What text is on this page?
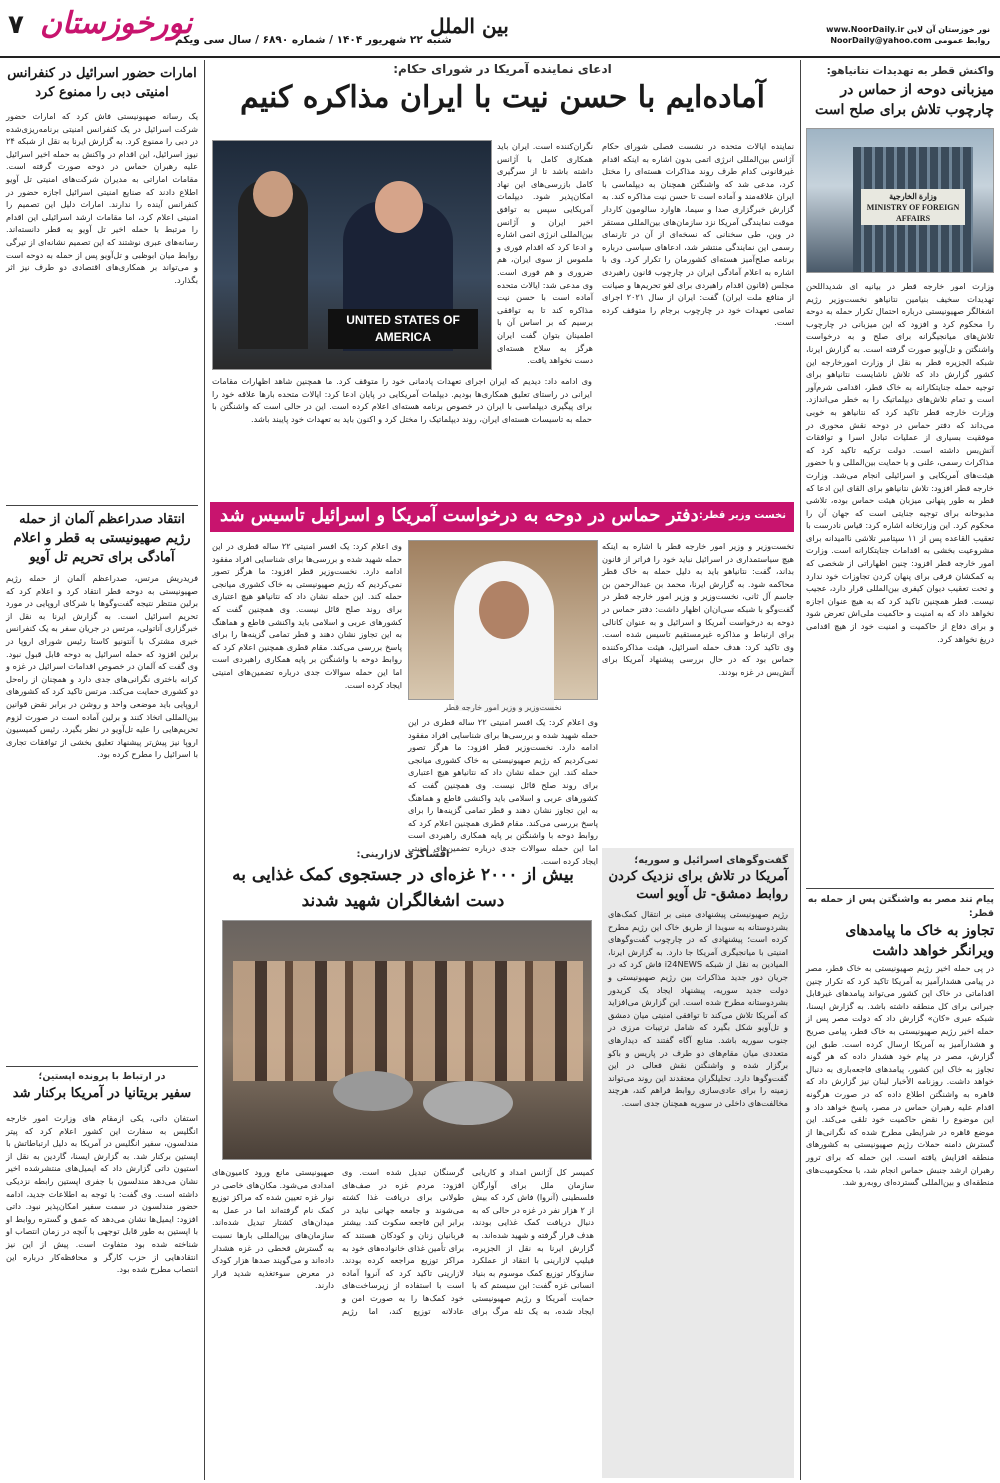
۷ نورخوزستان
شنبه ۲۲ شهریور ۱۴۰۴ / شماره ۶۸۹۰ / سال سی ویکم
بین الملل	نور خوزستان آن لاین www.NoorDaily.ir
روابط عمومی NoorDaily@yahoo.com
واکنش قطر به تهدیدات نتانیاهو:
میزبانی دوحه از حماس در چارچوب تلاش برای صلح است
وزارة الخارجية
MINISTRY OF FOREIGN AFFAIRS
وزارت امور خارجه قطر در بیانیه ای شدیداللحن تهدیدات سخیف بنیامین نتانیاهو نخست‌وزیر رژیم اشغالگر صهیونیستی درباره احتمال تکرار حمله به دوحه را محکوم کرد و افزود که این میزبانی در چارچوب تلاش‌های میانجیگرانه برای صلح و به درخواست واشنگتن و تل‌آویو صورت گرفته است. به گزارش ایرنا، شبکه الجزیره قطر به نقل از وزارت امورخارجه این کشور گزارش داد که تلاش ناشایست نتانیاهو برای توجیه حمله جنایتکارانه به خاک قطر، اقدامی شرم‌آور است و تمام تلاش‌های دیپلماتیک را به خطر می‌اندازد. وزارت خارجه قطر تاکید کرد که نتانیاهو به خوبی می‌داند که دفتر حماس در دوحه نقش محوری در موفقیت بسیاری از عملیات تبادل اسرا و توافقات آتش‌بس داشته است. دولت ترکیه تاکید کرد که مذاکرات رسمی‌، علنی و با حمایت بین‌المللی و با حضور هیئت‌های آمریکایی و اسرائیلی انجام می‌شد. وزارت خارجه قطر افزود: تلاش نتانیاهو برای القای این ادعا که قطر به طور پنهانی میزبان هیئت حماس بوده، تلاشی مذبوحانه برای توجیه جنایتی است که جهان آن را محکوم کرد. این وزارتخانه اشاره کرد: قیاس نادرست با تعقیب القاعده پس از ۱۱ سپتامبر تلاشی ناامیدانه برای مشروعیت بخشی به اقدامات جنایتکارانه است. وزارت امور خارجه قطر افزود: چنین اظهاراتی از شخصی که به کمکشان فرقی برای پنهان کردن تجاوزات خود ندارد و تحت تعقیب دیوان کیفری بین‌المللی قرار دارد، عجیب نیست. قطر همچنین تاکید کرد که به هیچ عنوان اجازه نخواهد داد که به امنیت و حاکمیت ملی‌اش تعرض شود و برای دفاع از حاکمیت و امنیت خود از هیچ اقدامی دریغ نخواهد کرد.
پیام تند مصر به واشنگتن پس از حمله به قطر:
تجاوز به خاک ما پیامدهای ویرانگر خواهد داشت
در پی حمله اخیر رژیم صهیونیستی به خاک قطر، مصر در پیامی هشدارآمیز به آمریکا تاکید کرد که تکرار چنین اقداماتی در خاک این کشور می‌تواند پیامدهای غیرقابل جبرانی برای کل منطقه داشته باشد. به گزارش ایسنا، شبکه عبری «کان» گزارش داد که دولت مصر پس از حمله اخیر رژیم صهیونیستی به خاک قطر، پیامی صریح و هشدارآمیز به آمریکا ارسال کرده است. طبق این گزارش، مصر در پیام خود هشدار داده که هر گونه تجاوز به خاک این کشور، پیامدهای فاجعه‌باری به دنبال خواهد داشت. روزنامه الأخبار لبنان نیز گزارش داد که قاهره به واشنگتن اطلاع داده که در صورت هرگونه اقدام علیه رهبران حماس در مصر، پاسخ خواهد داد و این موضوع را نقض حاکمیت خود تلقی می‌کند. این موضع قاهره در شرایطی مطرح شده که نگرانی‌ها از گسترش دامنه حملات رژیم صهیونیستی به کشورهای منطقه افزایش یافته است. این حمله که برای ترور رهبران ارشد جنبش حماس انجام شد، با محکومیت‌های منطقه‌ای و بین‌المللی گسترده‌ای روبه‌رو شد.
ادعای نماینده آمریکا در شورای حکام:
آماده‌ایم با حسن نیت با ایران مذاکره کنیم
نماینده ایالات متحده در نشست فصلی شورای حکام آژانس بین‌المللی انرژی اتمی بدون اشاره به اینکه اقدام غیرقانونی کدام طرف روند مذاکرات هسته‌ای را مختل کرد، مدعی شد که واشنگتن همچنان به دیپلماسی با ایران علاقه‌مند و آماده است تا حسن نیت مذاکره کند. به گزارش خبرگزاری صدا و سیما، هاوارد سالومون کاردار موقت نمایندگی آمریکا نزد سازمان‌های بین‌المللی مستقر در وین، طی سخنانی که نسخه‌ای از آن در تارنمای رسمی این نمایندگی منتشر شد، ادعاهای سیاسی درباره برنامه صلح‌آمیز هسته‌ای کشورمان را تکرار کرد. وی با اشاره به اعلام آمادگی ایران در چارچوب قانون راهبردی مجلس (قانون اقدام راهبردی برای لغو تحریم‌ها و صیانت از منافع ملت ایران) گفت: ایران از سال ۲۰۲۱ اجرای تمامی تعهدات خود در چارچوب برجام را متوقف کرده است.
نگران‌کننده است. ایران باید همکاری کامل با آژانس داشته باشد تا از سرگیری کامل بازرسی‌های این نهاد امکان‌پذیر شود. دیپلمات آمریکایی سپس به توافق اخیر ایران و آژانس بین‌المللی انرژی اتمی اشاره و ادعا کرد که اقدام فوری و ملموس از سوی ایران، هم ضروری و هم فوری است. وی مدعی شد: ایالات متحده آماده است با حسن نیت مذاکره کند تا به توافقی برسیم که بر اساس آن با اطمینان بتوان گفت ایران هرگز به سلاح هسته‌ای دست نخواهد یافت.
UNITED STATES OF AMERICA
وی ادامه داد: دیدیم که ایران اجرای تعهدات پادمانی خود را متوقف کرد. ما همچنین شاهد اظهارات مقامات ایرانی در راستای تعلیق همکاری‌ها بودیم. دیپلمات آمریکایی در پایان ادعا کرد: ایالات متحده بارها علاقه خود را برای پیگیری دیپلماسی با ایران در خصوص برنامه هسته‌ای اعلام کرده است. این در حالی است که واشنگتن با حمله به تاسیسات هسته‌ای ایران، روند دیپلماتیک را مختل کرد و اکنون باید به تعهدات خود پایبند باشد.
نخست وزیر قطر:
دفتر حماس در دوحه به درخواست آمریکا و اسرائیل تاسیس شد
نخست‌وزیر و وزیر امور خارجه قطر با اشاره به اینکه هیچ سیاستمداری در اسرائیل نباید خود را فراتر از قانون بداند، گفت: نتانیاهو باید به دلیل حمله به خاک قطر محاکمه شود. به گزارش ایرنا، محمد بن عبدالرحمن بن جاسم آل ثانی، نخست‌وزیر و وزیر امور خارجه قطر در گفت‌وگو با شبکه سی‌ان‌ان اظهار داشت: دفتر حماس در دوحه به درخواست آمریکا و اسرائیل و به عنوان کانالی برای ارتباط و مذاکره غیرمستقیم تاسیس شده است. وی تاکید کرد: هدف حمله اسرائیل، هیئت مذاکره‌کننده حماس بود که در حال بررسی پیشنهاد آمریکا برای آتش‌بس در غزه بودند.
نخست‌وزیر و وزیر امور خارجه قطر
وی اعلام کرد: یک افسر امنیتی ۲۲ ساله قطری در این حمله شهید شده و بررسی‌ها برای شناسایی افراد مفقود ادامه دارد. نخست‌وزیر قطر افزود: ما هرگز تصور نمی‌کردیم که رژیم صهیونیستی به خاک کشوری میانجی حمله کند. این حمله نشان داد که نتانیاهو هیچ اعتباری برای روند صلح قائل نیست. وی همچنین گفت که کشورهای عربی و اسلامی باید واکنشی قاطع و هماهنگ به این تجاوز نشان دهند و قطر تمامی گزینه‌ها را برای پاسخ بررسی می‌کند. مقام قطری همچنین اعلام کرد که روابط دوحه با واشنگتن بر پایه همکاری راهبردی است اما این حمله سوالات جدی درباره تضمین‌های امنیتی ایجاد کرده است.
وی اعلام کرد: یک افسر امنیتی ۲۲ ساله قطری در این حمله شهید شده و بررسی‌ها برای شناسایی افراد مفقود ادامه دارد. نخست‌وزیر قطر افزود: ما هرگز تصور نمی‌کردیم که رژیم صهیونیستی به خاک کشوری میانجی حمله کند. این حمله نشان داد که نتانیاهو هیچ اعتباری برای روند صلح قائل نیست. وی همچنین گفت که کشورهای عربی و اسلامی باید واکنشی قاطع و هماهنگ به این تجاوز نشان دهند و قطر تمامی گزینه‌ها را برای پاسخ بررسی می‌کند. مقام قطری همچنین اعلام کرد که روابط دوحه با واشنگتن بر پایه همکاری راهبردی است اما این حمله سوالات جدی درباره تضمین‌های امنیتی ایجاد کرده است.
گفت‌وگوهای اسرائیل و سوریه؛
آمریکا در تلاش برای نزدیک کردن روابط دمشق- تل آویو است
رژیم صهیونیستی پیشنهادی مبنی بر انتقال کمک‌های بشردوستانه به سویدا از طریق خاک این رژیم مطرح کرده است؛ پیشنهادی که در چارچوب گفت‌وگوهای امنیتی با میانجیگری آمریکا جا دارد. به گزارش ایرنا، المیادین به نقل از شبکه i24NEWS فاش کرد که در جریان دور جدید مذاکرات بین رژیم صهیونیستی و دولت جدید سوریه، پیشنهاد ایجاد یک کریدور بشردوستانه مطرح شده است. این گزارش می‌افزاید که آمریکا تلاش می‌کند تا توافقی امنیتی میان دمشق و تل‌آویو شکل بگیرد که شامل ترتیبات مرزی در جنوب سوریه باشد. منابع آگاه گفتند که دیدارهای متعددی میان مقام‌های دو طرف در پاریس و باکو برگزار شده و واشنگتن نقش فعالی در این گفت‌وگوها دارد. تحلیلگران معتقدند این روند می‌تواند زمینه را برای عادی‌سازی روابط فراهم کند، هرچند مخالفت‌های داخلی در سوریه همچنان جدی است.
افشاگری لازارینی:
بیش از ۲۰۰۰ غزه‌ای در جستجوی کمک غذایی به دست اشغالگران شهید شدند
کمیسر کل آژانس امداد و کاریابی سازمان ملل برای آوارگان فلسطینی (آنروا) فاش کرد که بیش از ۲ هزار نفر در غزه در حالی که به دنبال دریافت کمک غذایی بودند، هدف قرار گرفته و شهید شده‌اند. به گزارش ایرنا به نقل از الجزیره، فیلیپ لازارینی با انتقاد از عملکرد سازوکار توزیع کمک موسوم به بنیاد انسانی غزه گفت: این سیستم که با حمایت آمریکا و رژیم صهیونیستی ایجاد شده، به یک تله مرگ برای گرسنگان تبدیل شده است. وی افزود: مردم غزه در صف‌های طولانی برای دریافت غذا کشته می‌شوند و جامعه جهانی نباید در برابر این فاجعه سکوت کند. بیشتر قربانیان زنان و کودکان هستند که برای تأمین غذای خانواده‌های خود به مراکز توزیع مراجعه کرده بودند. لازارینی تاکید کرد که آنروا آماده است با استفاده از زیرساخت‌های خود کمک‌ها را به صورت امن و عادلانه توزیع کند، اما رژیم صهیونیستی مانع ورود کامیون‌های امدادی می‌شود. مکان‌های خاصی در نوار غزه تعیین شده که مراکز توزیع کمک نام گرفته‌اند اما در عمل به میدان‌های کشتار تبدیل شده‌اند. سازمان‌های بین‌المللی بارها نسبت به گسترش قحطی در غزه هشدار داده‌اند و می‌گویند صدها هزار کودک در معرض سوءتغذیه شدید قرار دارند.
امارات حضور اسرائیل در کنفرانس امنیتی دبی را ممنوع کرد
یک رسانه صهیونیستی فاش کرد که امارات حضور شرکت اسرائیل در یک کنفرانس امنیتی برنامه‌ریزی‌شده در دبی را ممنوع کرد. به گزارش ایرنا به نقل از شبکه ۲۴ نیوز اسرائیل، این اقدام در واکنش به حمله اخیر اسرائیل علیه رهبران حماس در دوحه صورت گرفته است. مقامات اماراتی به مدیران شرکت‌های امنیتی تل آویو اطلاع دادند که صنایع امنیتی اسرائیل اجازه حضور در کنفرانس آینده را ندارند. امارات دلیل این تصمیم را امنیتی اعلام کرد، اما مقامات ارشد اسرائیلی این اقدام را مرتبط با حمله اخیر تل آویو به قطر دانسته‌اند. رسانه‌های عبری نوشتند که این تصمیم نشانه‌ای از تیرگی روابط میان ابوظبی و تل‌آویو پس از حمله به دوحه است و می‌تواند بر همکاری‌های اقتصادی دو طرف نیز اثر بگذارد.
انتقاد صدراعظم آلمان از حمله رژیم صهیونیستی به قطر و اعلام آمادگی برای تحریم تل آویو
فریدریش مرتس، صدراعظم آلمان از حمله رژیم صهیونیستی به دوحه قطر انتقاد کرد و اعلام کرد که برلین منتظر نتیجه گفت‌وگوها با شرکای اروپایی در مورد تحریم اسرائیل است. به گزارش ایرنا به نقل از خبرگزاری آناتولی، مرتس در جریان سفر به یک کنفرانس خبری مشترک با آنتونیو کاستا رئیس شورای اروپا در برلین افزود که حمله اسرائیل به دوحه قابل قبول نبود. وی گفت که آلمان در خصوص اقدامات اسرائیل در غزه و کرانه باختری نگرانی‌های جدی دارد و همچنان از راه‌حل دو کشوری حمایت می‌کند. مرتس تاکید کرد که کشورهای اروپایی باید موضعی واحد و روشن در برابر نقض قوانین بین‌المللی اتخاذ کنند و برلین آماده است در صورت لزوم تحریم‌هایی را علیه تل‌آویو در نظر بگیرد. رئیس کمیسیون اروپا نیز پیش‌تر پیشنهاد تعلیق بخشی از توافقات تجاری با اسرائیل را مطرح کرده بود.
در ارتباط با پرونده اپستین؛
سفیر بریتانیا در آمریکا برکنار شد
استفان داتی، یکی ازمقام های وزارت امور خارجه انگلیس به سفارت این کشور اعلام کرد که پیتر مندلسون، سفیر انگلیس در آمریکا به دلیل ارتباطاتش با اپستین برکنار شد. به گزارش ایسنا، گاردین به نقل از استیون داتی گزارش داد که ایمیل‌های منتشرشده اخیر نشان می‌دهد مندلسون با جفری اپستین رابطه نزدیکی داشته است. وی گفت: با توجه به اطلاعات جدید، ادامه حضور مندلسون در سمت سفیر امکان‌پذیر نبود. داتی افزود: ایمیل‌ها نشان می‌دهد که عمق و گستره روابط او با اپستین به طور قابل توجهی با آنچه در زمان انتصاب او شناخته شده بود متفاوت است. پیش از این نیز انتقادهایی از حزب کارگر و محافظه‌کار درباره این انتصاب مطرح شده بود.
